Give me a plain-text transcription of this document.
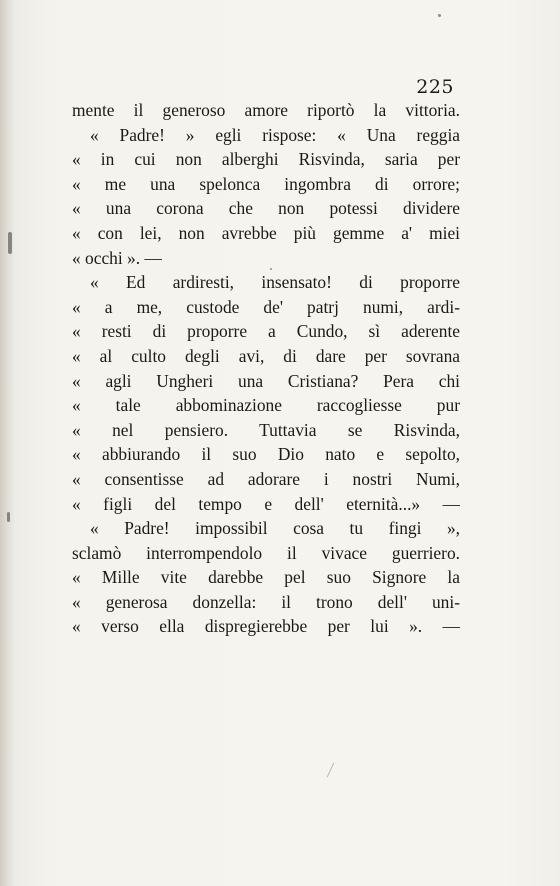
225
mente il generoso amore riportò la vittoria.
« Padre! » egli rispose: « Una reggia
« in cui non alberghi Risvinda, saria per
« me una spelonca ingombra di orrore;
« una corona che non potessi dividere
« con lei, non avrebbe più gemme a' miei
« occhi ». —
« Ed ardiresti, insensato! di proporre
« a me, custode de' patrj numi, ardi-
« resti di proporre a Cundo, sì aderente
« al culto degli avi, di dare per sovrana
« agli Ungheri una Cristiana? Pera chi
« tale abbominazione raccogliesse pur
« nel pensiero. Tuttavia se Risvinda,
« abbiurando il suo Dio nato e sepolto,
« consentisse ad adorare i nostri Numi,
« figli del tempo e dell' eternità...» —
« Padre! impossibil cosa tu fingi »,
sclamò interrompendolo il vivace guerriero.
« Mille vite darebbe pel suo Signore la
« generosa donzella: il trono dell' uni-
« verso ella dispregierebbe per lui ». —
